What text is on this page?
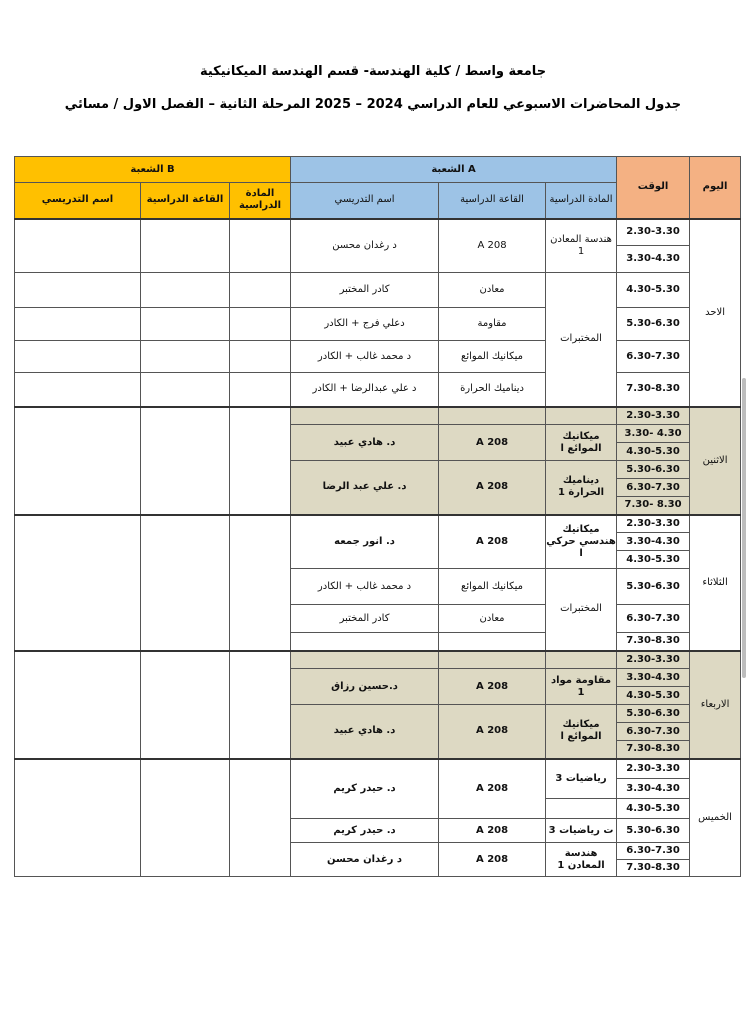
جامعة واسط / كلية الهندسة- قسم الهندسة الميكانيكية
جدول المحاضرات الاسبوعي للعام الدراسي 2024 – 2025 المرحلة الثانية – الفصل الاول / مسائي
الشعبة B			الشعبة A			الوقت	اليوم
اسم التدريسي	القاعة الدراسية	المادة الدراسية	اسم التدريسي	القاعة الدراسية	المادة الدراسية		
			د رغدان محسن	A 208	هندسة المعادن 1	2.30-3.30	الاحد
						3.30-4.30	
			كادر المختبر	معادن	المختبرات	4.30-5.30	
			دعلي فرج + الكادر	مقاومة		5.30-6.30	
			د محمد غالب + الكادر	ميكانيك الموائع		6.30-7.30	
			د علي عبدالرضا + الكادر	ديناميك الحرارة		7.30-8.30	
						2.30-3.30	الاثنين
			د. هادي عبيد	A 208	ميكانيك الموائع ا	3.30- 4.30	
						4.30-5.30	
			د. علي عبد الرضا	A 208	ديناميك الحرارة 1	5.30-6.30	
						6.30-7.30	
						7.30- 8.30	
			د. انور جمعه	A 208	ميكانيك هندسي حركي ا	2.30-3.30	الثلاثاء
						3.30-4.30	
						4.30-5.30	
			د محمد غالب + الكادر	ميكانيك الموائع	المختبرات	5.30-6.30	
			كادر المختبر	معادن		6.30-7.30	
						7.30-8.30	
						2.30-3.30	الاربعاء
			د.حسين رزاق	A 208	مقاومة مواد 1	3.30-4.30	
						4.30-5.30	
			د. هادي عبيد	A 208	ميكانيك الموائع ا	5.30-6.30	
						6.30-7.30	
						7.30-8.30	
			د. حيدر كريم	A 208	رياضيات 3	2.30-3.30	الخميس
						3.30-4.30	
						4.30-5.30	
			د. حيدر كريم	A 208	ت رياضيات 3	5.30-6.30	
			د رغدان محسن	A 208	هندسة المعادن 1	6.30-7.30	
						7.30-8.30	
